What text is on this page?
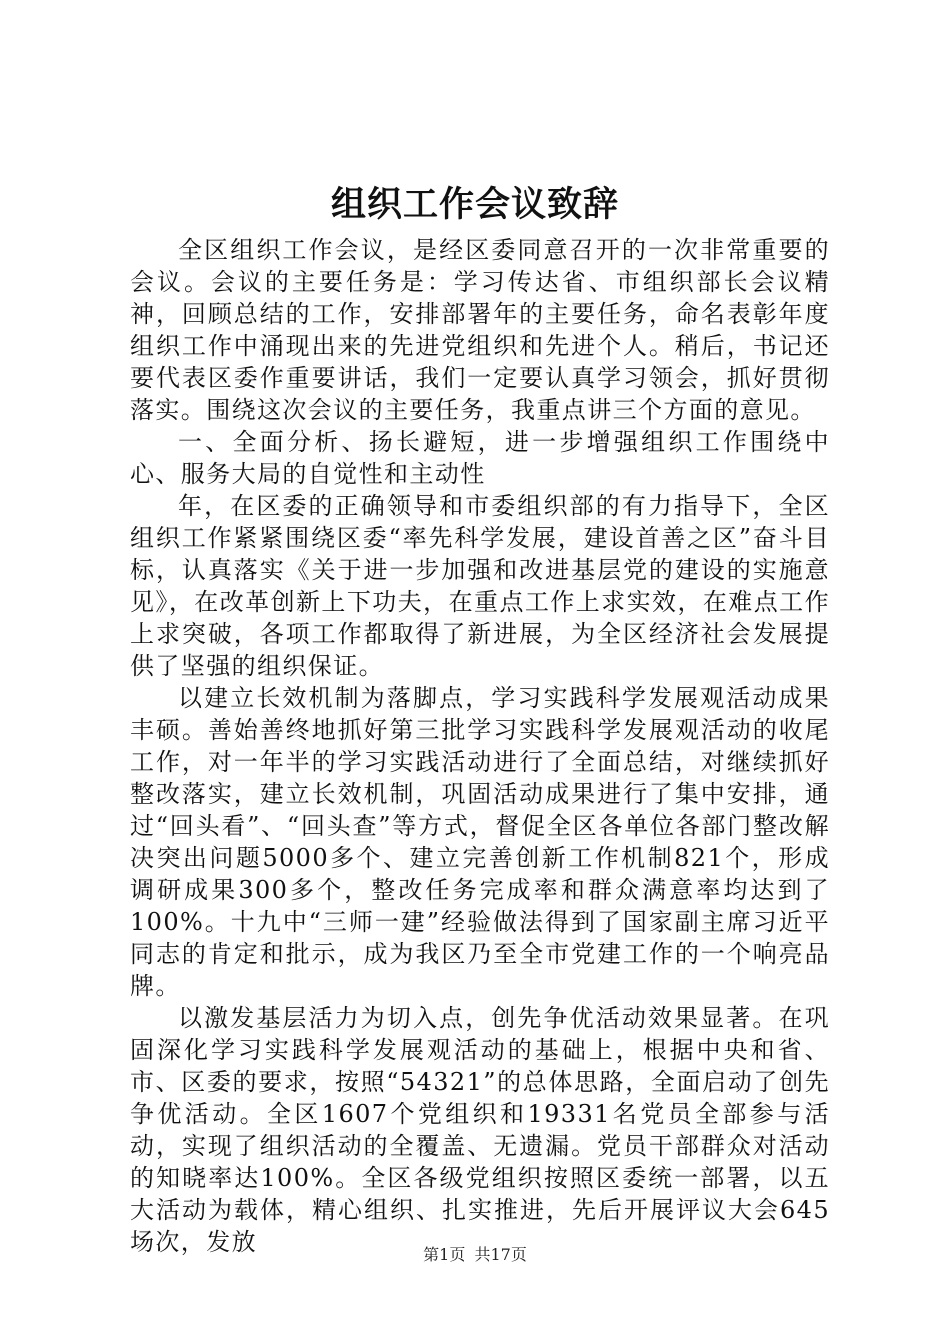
组织工作会议致辞

全区组织工作会议，是经区委同意召开的一次非常重要的会议。会议的主要任务是：学习传达省、市组织部长会议精神，回顾总结的工作，安排部署年的主要任务，命名表彰年度组织工作中涌现出来的先进党组织和先进个人。稍后，书记还要代表区委作重要讲话，我们一定要认真学习领会，抓好贯彻落实。围绕这次会议的主要任务，我重点讲三个方面的意见。

一、全面分析、扬长避短，进一步增强组织工作围绕中心、服务大局的自觉性和主动性

年，在区委的正确领导和市委组织部的有力指导下，全区组织工作紧紧围绕区委“率先科学发展，建设首善之区”奋斗目标，认真落实《关于进一步加强和改进基层党的建设的实施意见》，在改革创新上下功夫，在重点工作上求实效，在难点工作上求突破，各项工作都取得了新进展，为全区经济社会发展提供了坚强的组织保证。

以建立长效机制为落脚点，学习实践科学发展观活动成果丰硕。善始善终地抓好第三批学习实践科学发展观活动的收尾工作，对一年半的学习实践活动进行了全面总结，对继续抓好整改落实，建立长效机制，巩固活动成果进行了集中安排，通过“回头看”、“回头查”等方式，督促全区各单位各部门整改解决突出问题5000多个、建立完善创新工作机制821个，形成调研成果300多个，整改任务完成率和群众满意率均达到了100%。十九中“三师一建”经验做法得到了国家副主席习近平同志的肯定和批示，成为我区乃至全市党建工作的一个响亮品牌。

以激发基层活力为切入点，创先争优活动效果显著。在巩固深化学习实践科学发展观活动的基础上，根据中央和省、市、区委的要求，按照“54321”的总体思路，全面启动了创先争优活动。全区1607个党组织和19331名党员全部参与活动，实现了组织活动的全覆盖、无遗漏。党员干部群众对活动的知晓率达100%。全区各级党组织按照区委统一部署，以五大活动为载体，精心组织、扎实推进，先后开展评议大会645场次，发放	第1页 共17页
